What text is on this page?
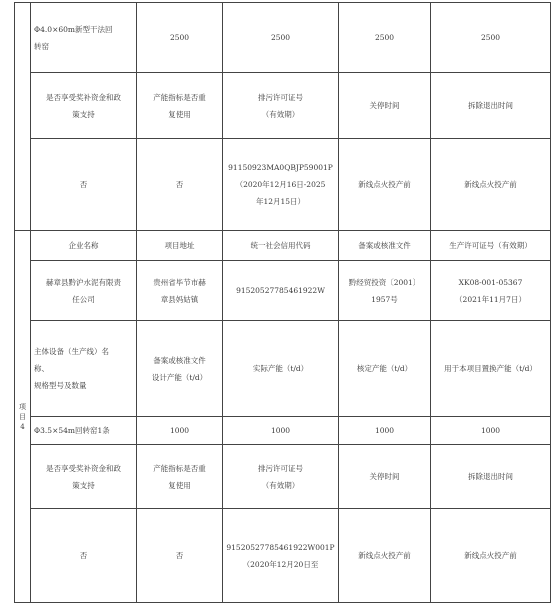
	Φ4.0×60m新型干法回
转窑	2500	2500	2500	2500

	是否享受奖补资金和政
策支持	产能指标是否重
复使用	排污许可证号
（有效期）	关停时间	拆除退出时间
	否	否	91150923MA0QBJP59001P
（2020年12月16日-2025
年12月15日）	新线点火投产前	新线点火投产前

项
目
4	企业名称	项目地址	统一社会信用代码	备案或核准文件	生产许可证号（有效期）

	赫章县黔沪水泥有限责
任公司	贵州省毕节市赫
章县妈姑镇	91520527785461922W	黔经贸投资〔2001〕
1957号	XK08-001-05367
（2021年11月7日）

	主体设备（生产线）名
称、
规格型号及数量	备案或核准文件
设计产能（t/d）	实际产能（t/d）	核定产能（t/d）	用于本项目置换产能（t/d）
	Φ3.5×54m回转窑1条	1000	1000	1000	1000

	是否享受奖补资金和政
策支持	产能指标是否重
复使用	排污许可证号
（有效期）	关停时间	拆除退出时间
	否	否	91520527785461922W001P
（2020年12月20日至	新线点火投产前	新线点火投产前
